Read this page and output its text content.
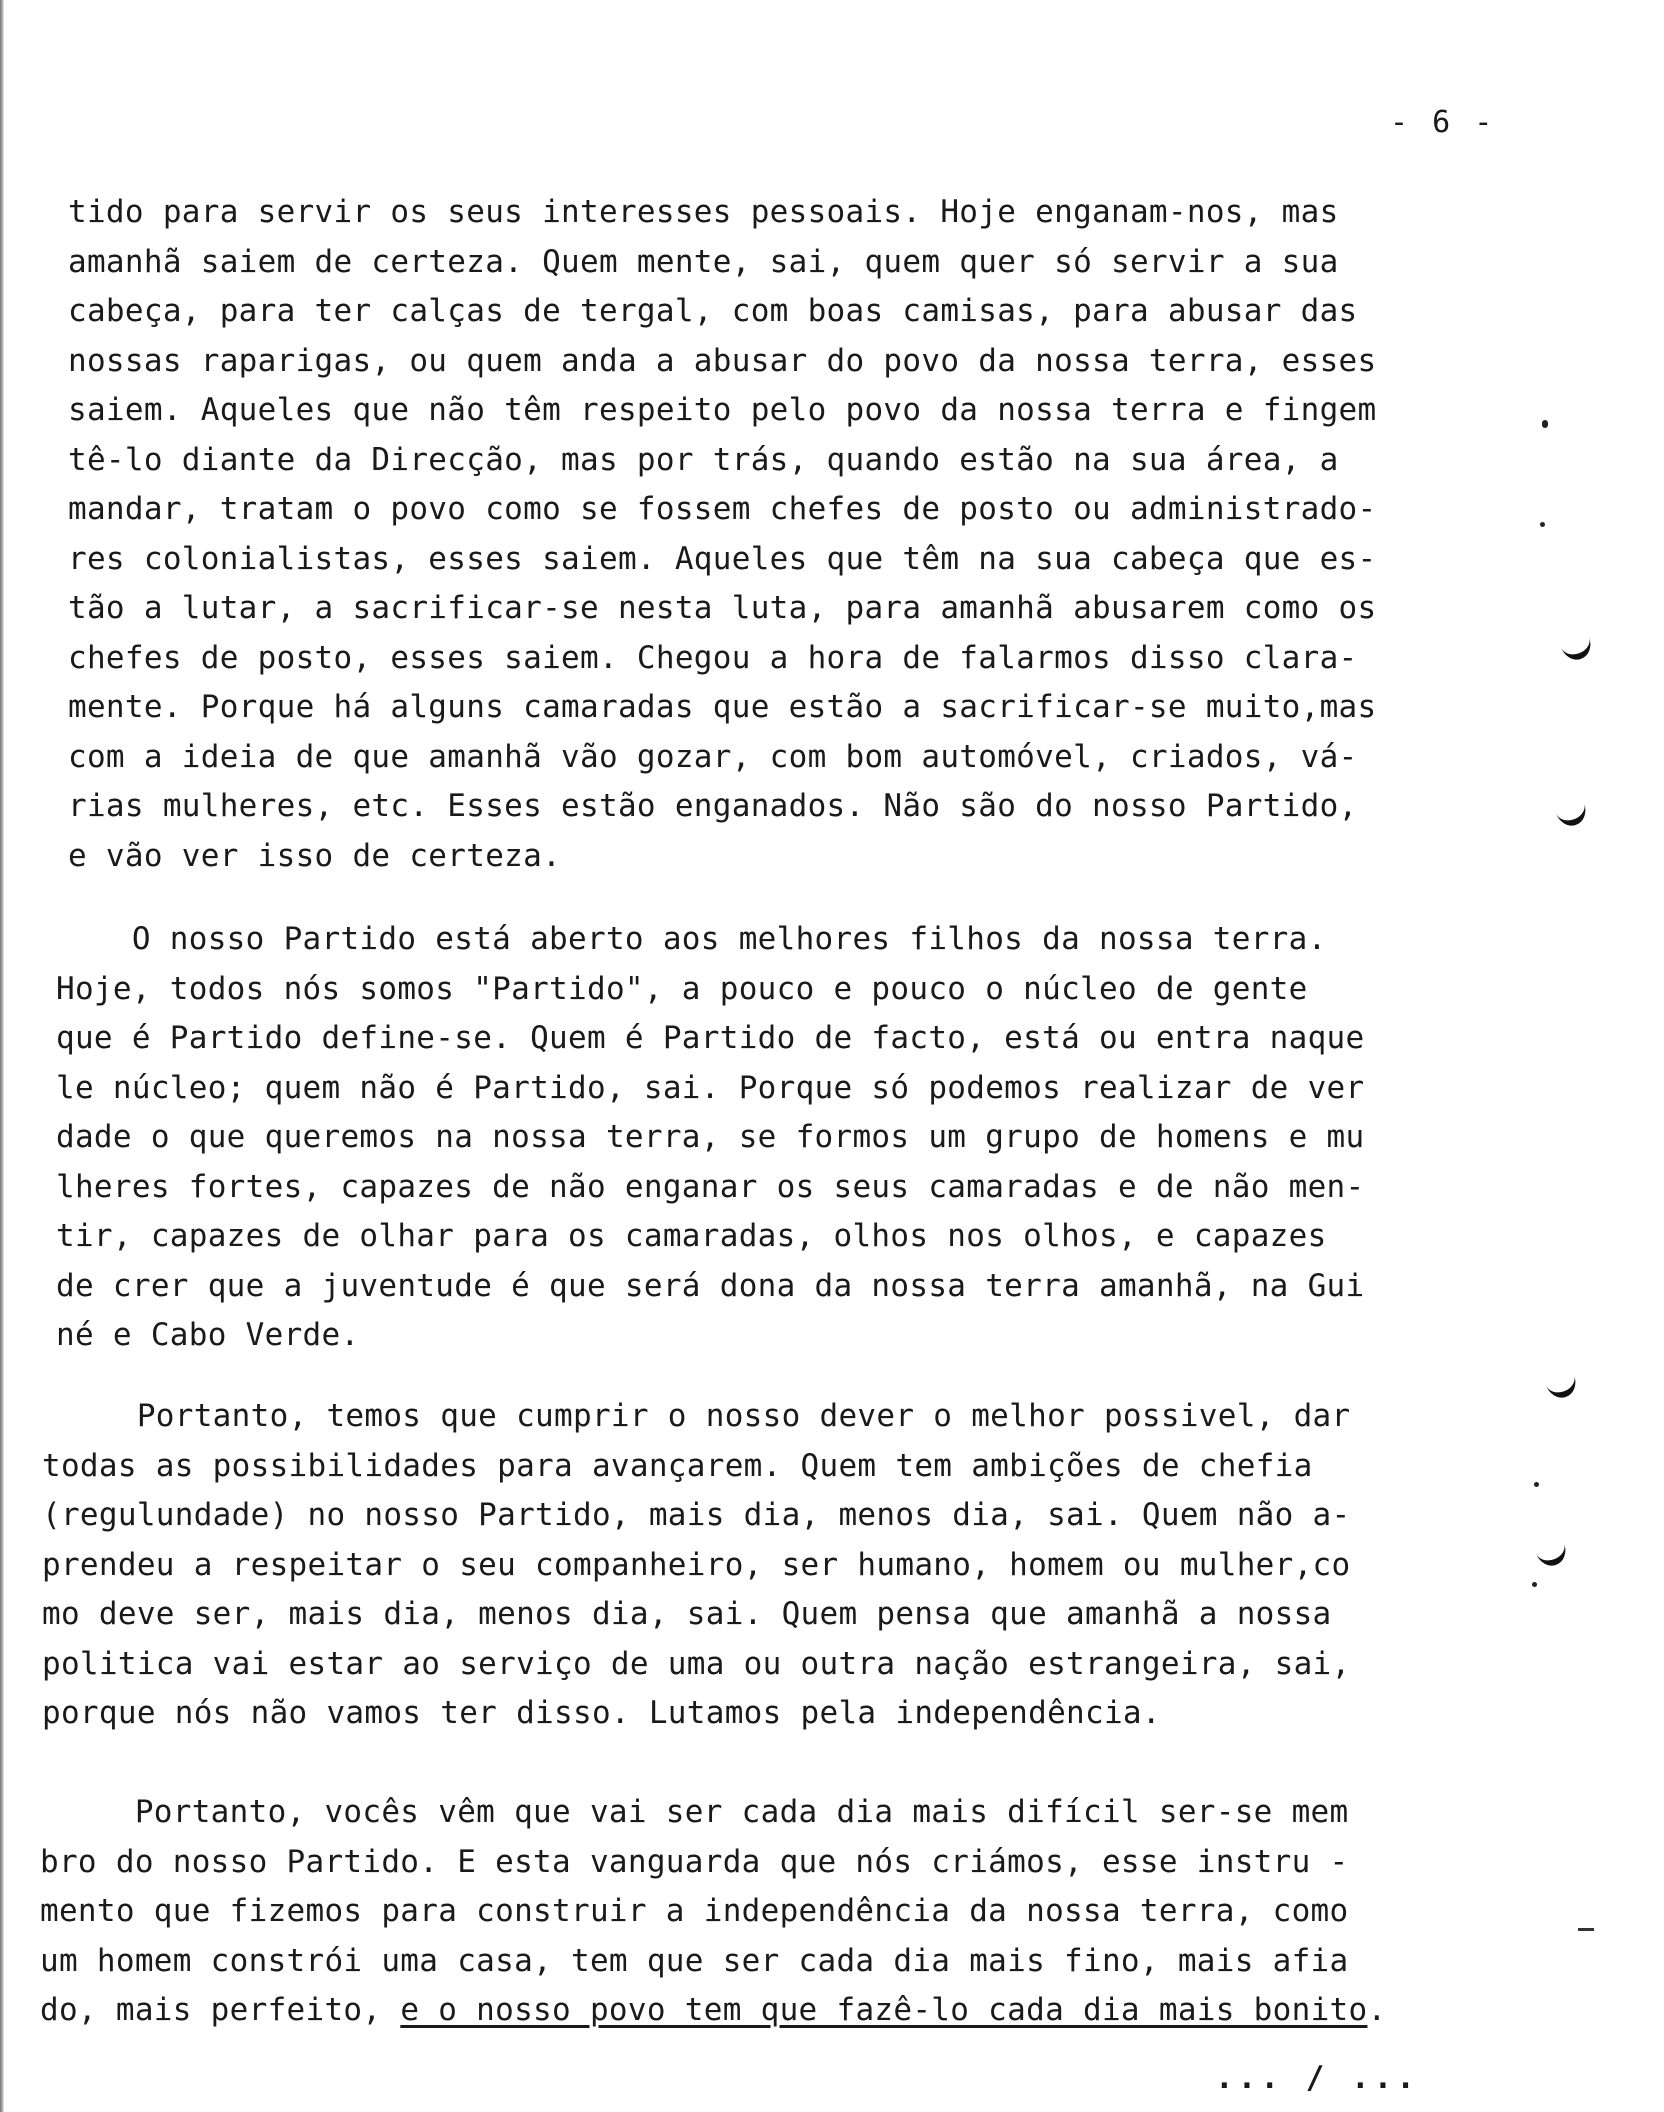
- 6 -

tido para servir os seus interesses pessoais. Hoje enganam-nos, mas
amanhã saiem de certeza. Quem mente, sai, quem quer só servir a sua
cabeça, para ter calças de tergal, com boas camisas, para abusar das
nossas raparigas, ou quem anda a abusar do povo da nossa terra, esses
saiem. Aqueles que não têm respeito pelo povo da nossa terra e fingem
tê-lo diante da Direcção, mas por trás, quando estão na sua área, a
mandar, tratam o povo como se fossem chefes de posto ou administrado-
res colonialistas, esses saiem. Aqueles que têm na sua cabeça que es-
tão a lutar, a sacrificar-se nesta luta, para amanhã abusarem como os
chefes de posto, esses saiem. Chegou a hora de falarmos disso clara-
mente. Porque há alguns camaradas que estão a sacrificar-se muito,mas
com a ideia de que amanhã vão gozar, com bom automóvel, criados, vá-
rias mulheres, etc. Esses estão enganados. Não são do nosso Partido,
e vão ver isso de certeza.

O nosso Partido está aberto aos melhores filhos da nossa terra.
Hoje, todos nós somos "Partido", a pouco e pouco o núcleo de gente
que é Partido define-se. Quem é Partido de facto, está ou entra naque
le núcleo; quem não é Partido, sai. Porque só podemos realizar de ver
dade o que queremos na nossa terra, se formos um grupo de homens e mu
lheres fortes, capazes de não enganar os seus camaradas e de não men-
tir, capazes de olhar para os camaradas, olhos nos olhos, e capazes
de crer que a juventude é que será dona da nossa terra amanhã, na Gui
né e Cabo Verde.

Portanto, temos que cumprir o nosso dever o melhor possivel, dar
todas as possibilidades para avançarem. Quem tem ambições de chefia
(regulundade) no nosso Partido, mais dia, menos dia, sai. Quem não a-
prendeu a respeitar o seu companheiro, ser humano, homem ou mulher,co
mo deve ser, mais dia, menos dia, sai. Quem pensa que amanhã a nossa
politica vai estar ao serviço de uma ou outra nação estrangeira, sai,
porque nós não vamos ter disso. Lutamos pela independência.

Portanto, vocês vêm que vai ser cada dia mais difícil ser-se mem
bro do nosso Partido. E esta vanguarda que nós criámos, esse instru -
mento que fizemos para construir a independência da nossa terra, como
um homem constrói uma casa, tem que ser cada dia mais fino, mais afia
do, mais perfeito, e o nosso povo tem que fazê-lo cada dia mais bonito.

... / ...
